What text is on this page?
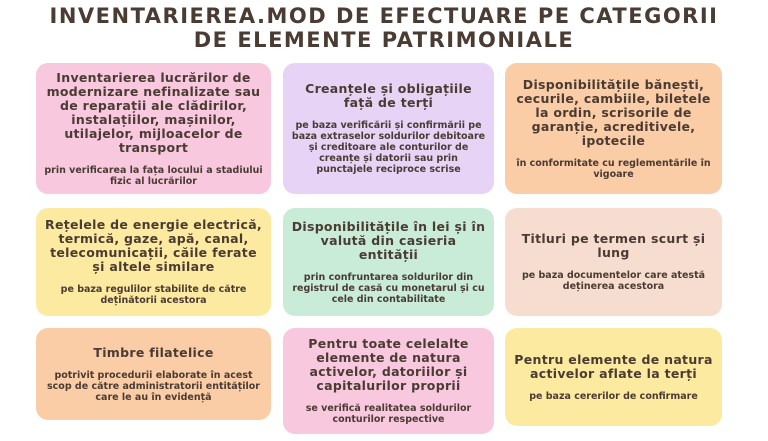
INVENTARIEREA.MOD DE EFECTUARE PE CATEGORII
DE ELEMENTE PATRIMONIALE
Inventarierea lucrărilor de modernizare nefinalizate sau de reparații ale clădirilor, instalațiilor, mașinilor, utilajelor, mijloacelor de transport
prin verificarea la fața locului a stadiului fizic al lucrărilor
Creanțele și obligațiile față de terți
pe baza verificării și confirmării pe baza extraselor soldurilor debitoare și creditoare ale conturilor de creanțe și datorii sau prin punctajele reciproce scrise
Disponibilitățile bănești, cecurile, cambiile, biletele la ordin, scrisorile de garanție, acreditivele, ipotecile
în conformitate cu reglementările în vigoare
Rețelele de energie electrică, termică, gaze, apă, canal, telecomunicații, căile ferate și altele similare
pe baza regulilor stabilite de către deținătorii acestora
Disponibilitățile în lei și în valută din casieria entității
prin confruntarea soldurilor din registrul de casă cu monetarul și cu cele din contabilitate
Titluri pe termen scurt și lung
pe baza documentelor care atestă deținerea acestora
Timbre filatelice
potrivit procedurii elaborate în acest scop de către administratorii entităților care le au în evidență
Pentru toate celelalte elemente de natura activelor, datoriilor și capitalurilor proprii
se verifică realitatea soldurilor conturilor respective
Pentru elemente de natura activelor aflate la terți
pe baza cererilor de confirmare
